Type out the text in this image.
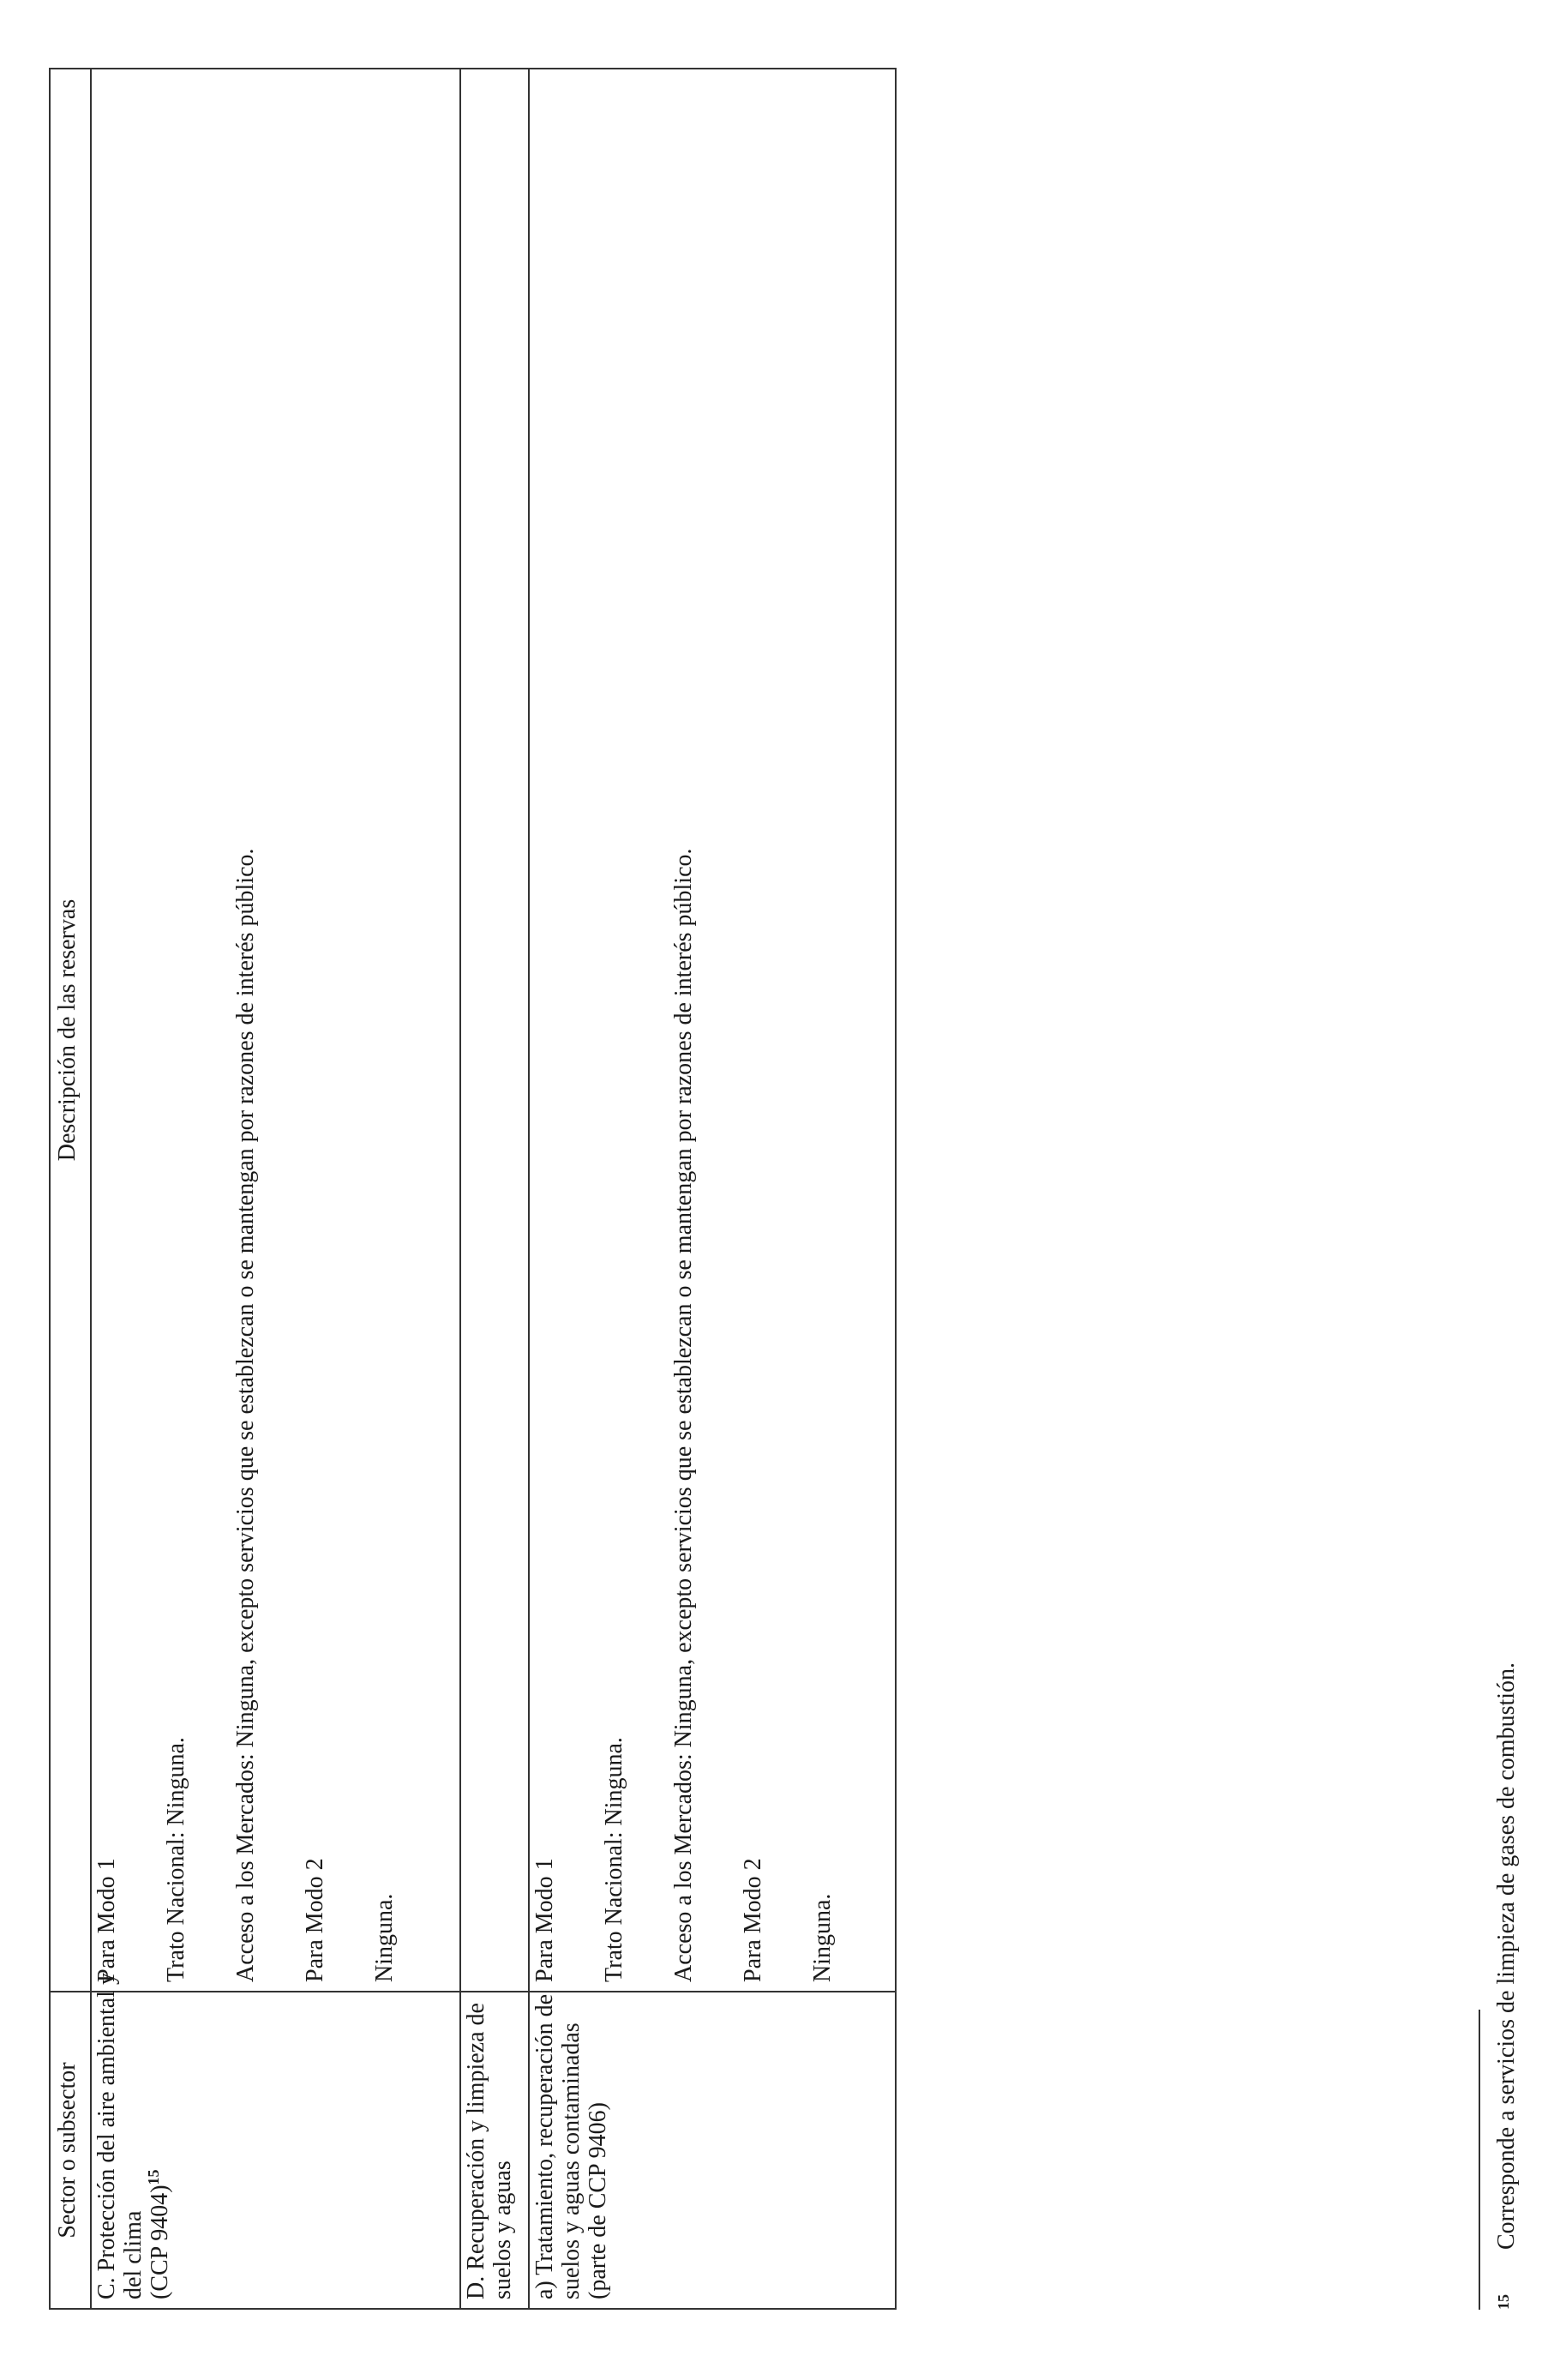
Sector o subsector	Descripción de las reservas

C. Protección del aire ambiental y del clima (CCP 9404)$^{15}$	Para Modo 1 Trato Nacional: Ninguna. Acceso a los Mercados: Ninguna, excepto servicios que se establezcan o se mantengan por razones de interés público. Para Modo 2 Ninguna.

D. Recuperación y limpieza de suelos y aguas	

a) Tratamiento, recuperación de suelos y aguas contaminadas (parte de CCP 9406)	Para Modo 1 Trato Nacional: Ninguna. Acceso a los Mercados: Ninguna, excepto servicios que se establezcan o se mantengan por razones de interés público. Para Modo 2 Ninguna.
15Corresponde a servicios de limpieza de gases de combustión.
